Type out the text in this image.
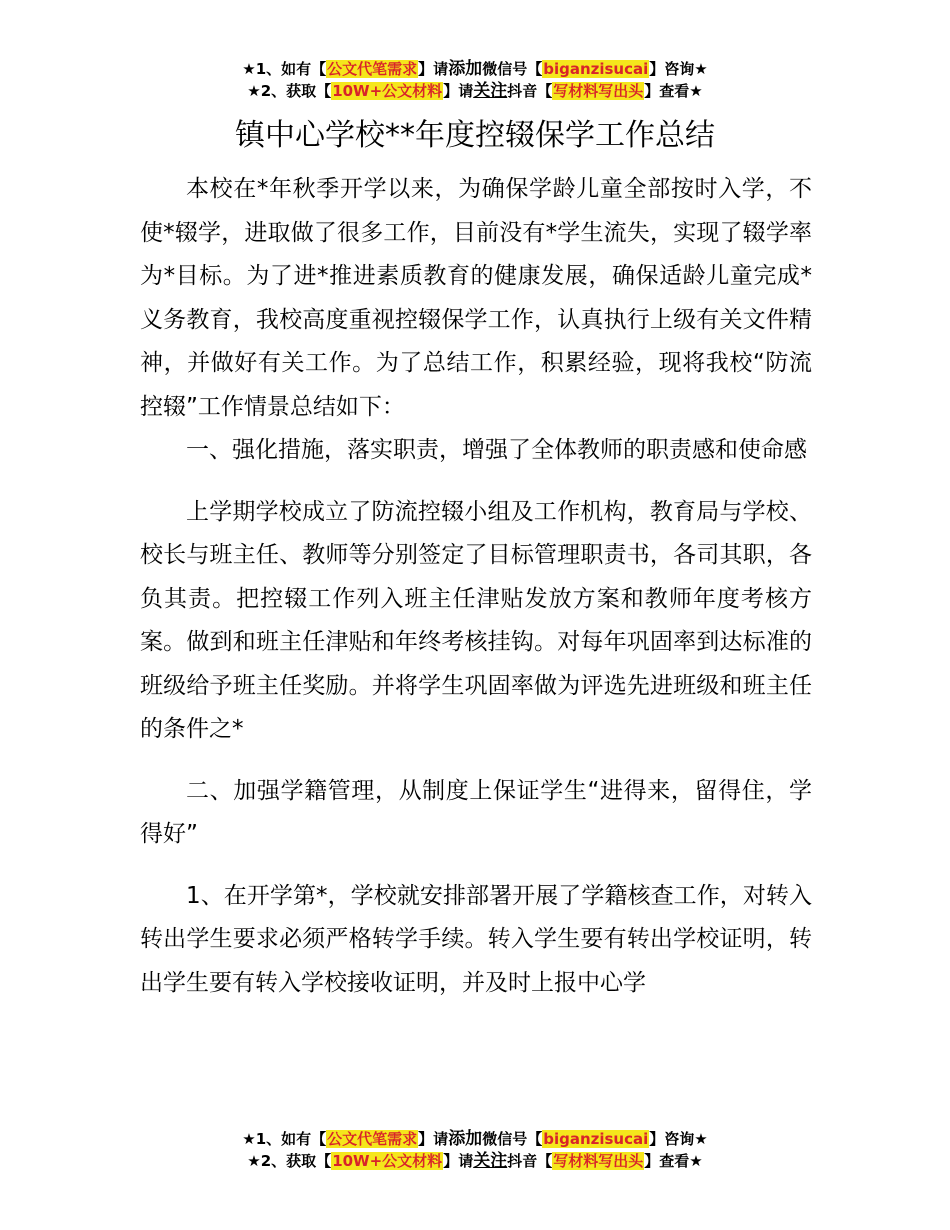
★1、如有【公文代笔需求】请添加微信号【biganzisucai】咨询★
★2、获取【10W+公文材料】请关注抖音【写材料写出头】查看★
镇中心学校**年度控辍保学工作总结

本校在*年秋季开学以来，为确保学龄儿童全部按时入学，不使*辍学，进取做了很多工作，目前没有*学生流失，实现了辍学率为*目标。为了进*推进素质教育的健康发展，确保适龄儿童完成*义务教育，我校高度重视控辍保学工作，认真执行上级有关文件精神，并做好有关工作。为了总结工作，积累经验，现将我校“防流控辍”工作情景总结如下：

一、强化措施，落实职责，增强了全体教师的职责感和使命感

上学期学校成立了防流控辍小组及工作机构，教育局与学校、校长与班主任、教师等分别签定了目标管理职责书，各司其职，各负其责。把控辍工作列入班主任津贴发放方案和教师年度考核方案。做到和班主任津贴和年终考核挂钩。对每年巩固率到达标准的班级给予班主任奖励。并将学生巩固率做为评选先进班级和班主任的条件之*

二、加强学籍管理，从制度上保证学生“进得来，留得住，学得好”

1、在开学第*，学校就安排部署开展了学籍核查工作，对转入转出学生要求必须严格转学手续。转入学生要有转出学校证明，转出学生要有转入学校接收证明，并及时上报中心学

★1、如有【公文代笔需求】请添加微信号【biganzisucai】咨询★
★2、获取【10W+公文材料】请关注抖音【写材料写出头】查看★
